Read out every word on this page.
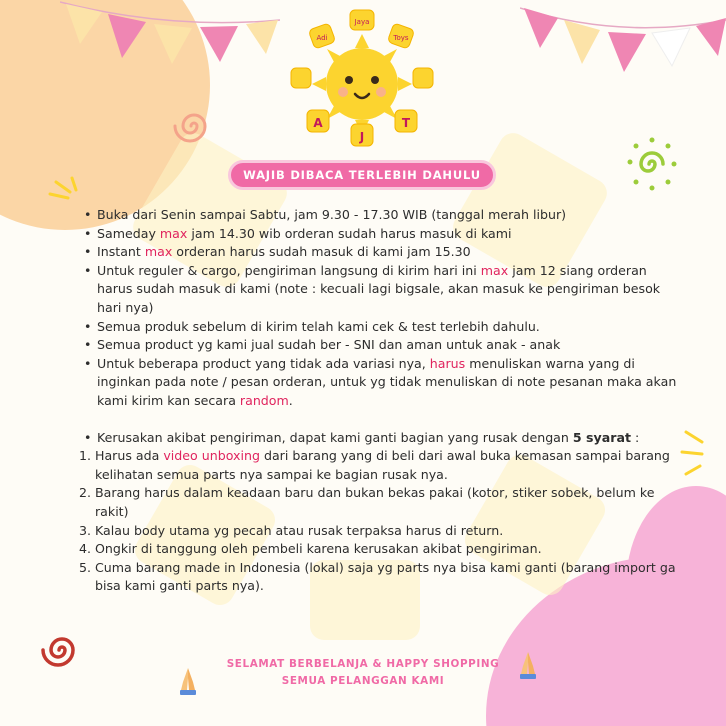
Adi
Jaya
Toys
A
J
T
WAJIB DIBACA TERLEBIH DAHULU
• Buka dari Senin sampai Sabtu, jam 9.30 - 17.30 WIB (tanggal merah libur)
• Sameday max jam 14.30 wib orderan sudah harus masuk di kami
• Instant max orderan harus sudah masuk di kami jam 15.30
• Untuk reguler & cargo, pengiriman langsung di kirim hari ini max jam 12 siang orderan harus sudah masuk di kami (note : kecuali lagi bigsale, akan masuk ke pengiriman besok hari nya)
• Semua produk sebelum di kirim telah kami cek & test terlebih dahulu.
• Semua product yg kami jual sudah ber - SNI dan aman untuk anak - anak
• Untuk beberapa product yang tidak ada variasi nya, harus menuliskan warna yang di inginkan pada note / pesan orderan, untuk yg tidak menuliskan di note pesanan maka akan kami kirim kan secara random.
• Kerusakan akibat pengiriman, dapat kami ganti bagian yang rusak dengan 5 syarat :
1. Harus ada video unboxing dari barang yang di beli dari awal buka kemasan sampai barang kelihatan semua parts nya sampai ke bagian rusak nya.
2. Barang harus dalam keadaan baru dan bukan bekas pakai (kotor, stiker sobek, belum ke rakit)
3. Kalau body utama yg pecah atau rusak terpaksa harus di return.
4. Ongkir di tanggung oleh pembeli karena kerusakan akibat pengiriman.
5. Cuma barang made in Indonesia (lokal) saja yg parts nya bisa kami ganti (barang import ga bisa kami ganti parts nya).
SELAMAT BERBELANJA & HAPPY SHOPPING
SEMUA PELANGGAN KAMI
